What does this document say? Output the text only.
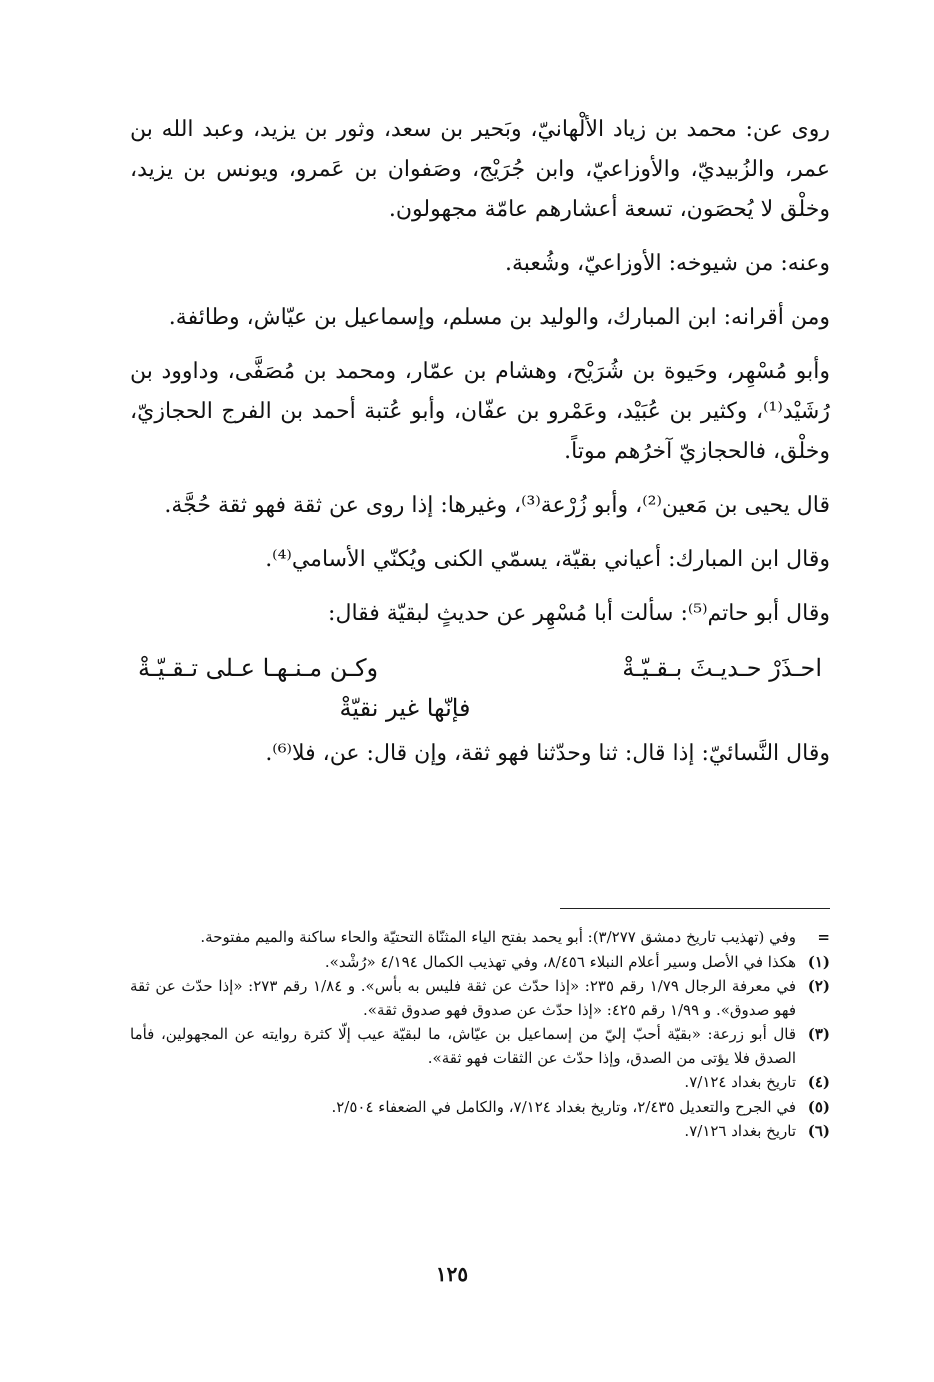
روى عن: محمد بن زياد الألْهانيّ، وبَحير بن سعد، وثور بن يزيد، وعبد الله بن عمر، والزُبيديّ، والأوزاعيّ، وابن جُرَيْج، وصَفوان بن عَمرو، ويونس بن يزيد، وخلْق لا يُحصَون، تسعة أعشارهم عامّة مجهولون.

وعنه: من شيوخه: الأوزاعيّ، وشُعبة.

ومن أقرانه: ابن المبارك، والوليد بن مسلم، وإسماعيل بن عيّاش، وطائفة.

وأبو مُسْهِر، وحَيوة بن شُرَيْح، وهشام بن عمّار، ومحمد بن مُصَفَّى، وداوود بن رُشَيْد⁽¹⁾، وكثير بن عُبَيْد، وعَمْرو بن عفّان، وأبو عُتبة أحمد بن الفرج الحجازيّ، وخلْق، فالحجازيّ آخرُهم موتاً.

قال يحيى بن مَعين⁽²⁾، وأبو زُرْعة⁽³⁾، وغيرها: إذا روى عن ثقة فهو ثقة حُجَّة.

وقال ابن المبارك: أعياني بقيّة، يسمّي الكنى ويُكنّي الأسامي⁽⁴⁾.

وقال أبو حاتم⁽⁵⁾: سألت أبا مُسْهِر عن حديثٍ لبقيّة فقال:

احـذَرْ حـديـثَ بـقـيّـةْ
وكـن مـنـهـا عـلى تـقـيّـةْ
فإنّها غير نقيّةْ

وقال النَّسائيّ: إذا قال: ثنا وحدّثنا فهو ثقة، وإن قال: عن، فلا⁽⁶⁾.

=
وفي (تهذيب تاريخ دمشق ٣/٢٧٧): أبو يحمد بفتح الياء المثنّاة التحتيّة والحاء ساكنة والميم مفتوحة.
(١)
هكذا في الأصل وسير أعلام النبلاء ٨/٤٥٦، وفي تهذيب الكمال ٤/١٩٤ «رُشْد».
(٢)
في معرفة الرجال ١/٧٩ رقم ٢٣٥: «إذا حدّث عن ثقة فليس به بأس». و ١/٨٤ رقم ٢٧٣: «إذا حدّث عن ثقة فهو صدوق». و ١/٩٩ رقم ٤٢٥: «إذا حدّث عن صدوق فهو صدوق ثقة».
(٣)
قال أبو زرعة: «بقيّة أحبّ إليّ من إسماعيل بن عيّاش، ما لبقيّة عيب إلّا كثرة روايته عن المجهولين، فأما الصدق فلا يؤتى من الصدق، وإذا حدّث عن الثقات فهو ثقة».
(٤)
تاريخ بغداد ٧/١٢٤.
(٥)
في الجرح والتعديل ٢/٤٣٥، وتاريخ بغداد ٧/١٢٤، والكامل في الضعفاء ٢/٥٠٤.
(٦)
تاريخ بغداد ٧/١٢٦.
١٢٥
